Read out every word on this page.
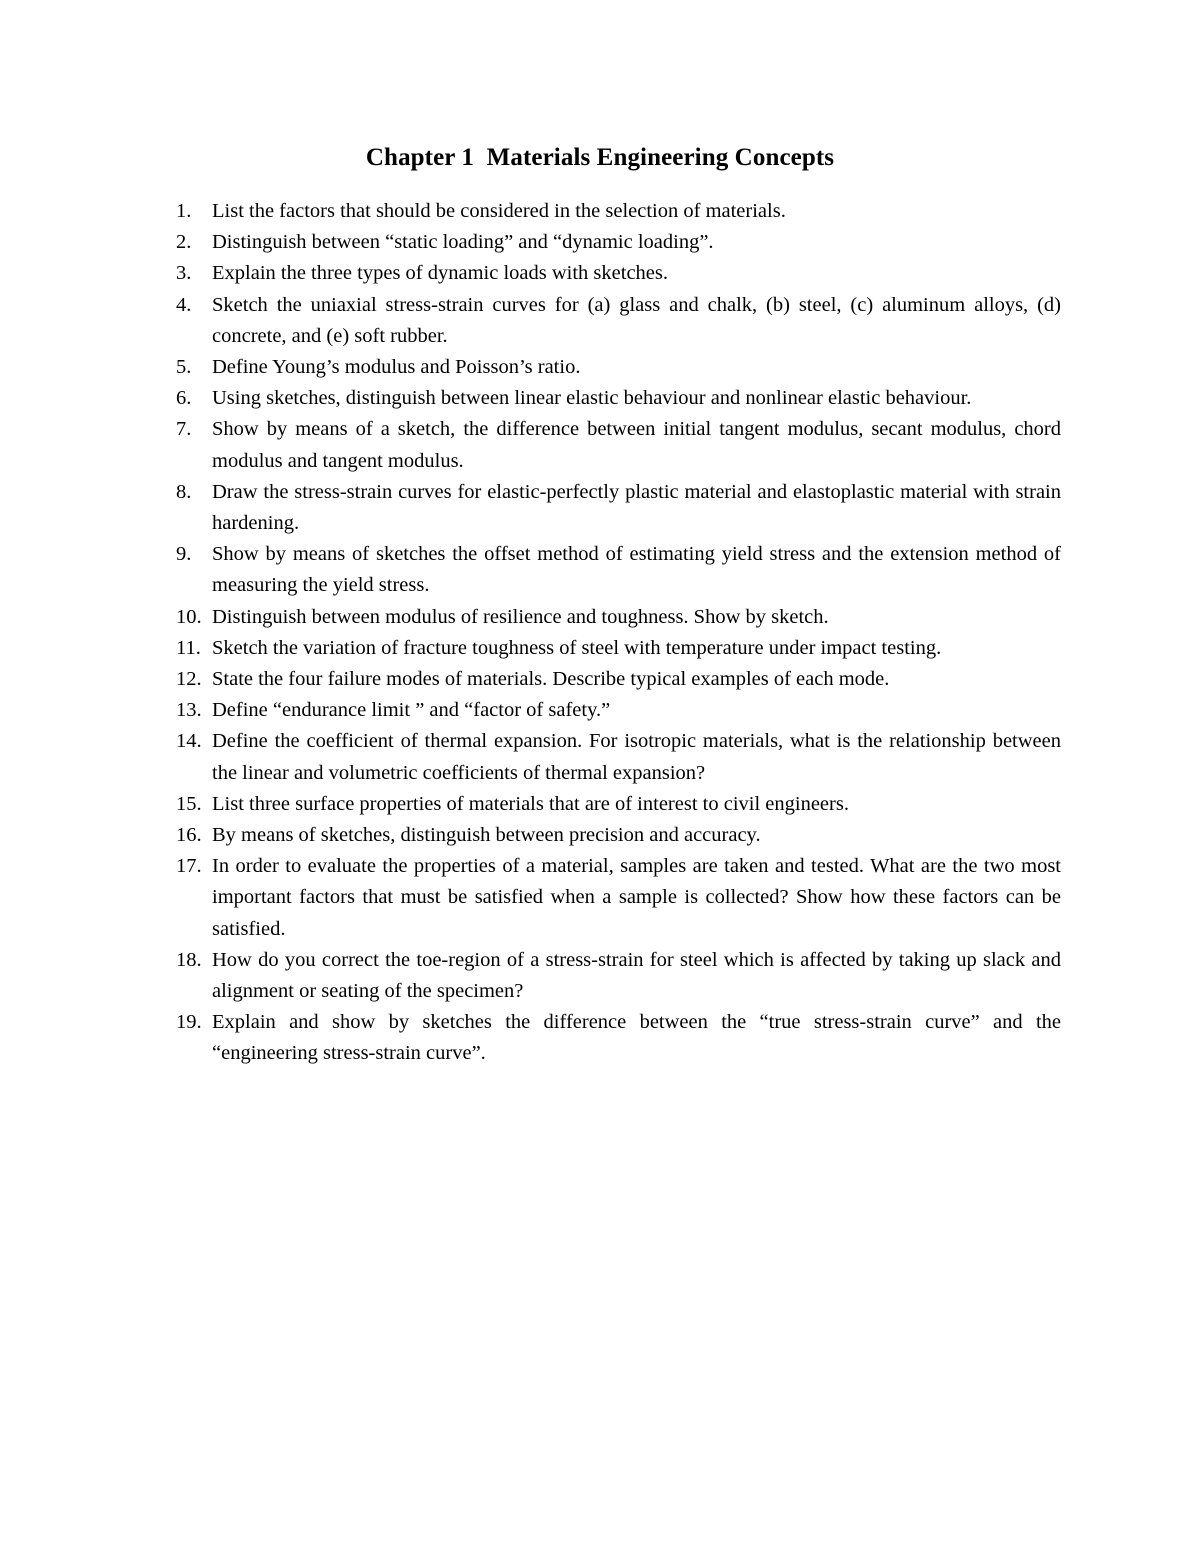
Chapter 1  Materials Engineering Concepts
1.	List the factors that should be considered in the selection of materials.
2.	Distinguish between “static loading” and “dynamic loading”.
3.	Explain the three types of dynamic loads with sketches.
4.	Sketch the uniaxial stress-strain curves for (a) glass and chalk, (b) steel, (c) aluminum alloys, (d) concrete, and (e) soft rubber.
5.	Define Young’s modulus and Poisson’s ratio.
6.	Using sketches, distinguish between linear elastic behaviour and nonlinear elastic behaviour.
7.	Show by means of a sketch, the difference between initial tangent modulus, secant modulus, chord modulus and tangent modulus.
8.	Draw the stress-strain curves for elastic-perfectly plastic material and elastoplastic material with strain hardening.
9.	Show by means of sketches the offset method of estimating yield stress and the extension method of measuring the yield stress.
10. Distinguish between modulus of resilience and toughness. Show by sketch.
11. Sketch the variation of fracture toughness of steel with temperature under impact testing.
12. State the four failure modes of materials. Describe typical examples of each mode.
13. Define “endurance limit ” and “factor of safety.”
14. Define the coefficient of thermal expansion. For isotropic materials, what is the relationship between the linear and volumetric coefficients of thermal expansion?
15. List three surface properties of materials that are of interest to civil engineers.
16. By means of sketches, distinguish between precision and accuracy.
17. In order to evaluate the properties of a material, samples are taken and tested. What are the two most important factors that must be satisfied when a sample is collected? Show how these factors can be satisfied.
18. How do you correct the toe-region of a stress-strain for steel which is affected by taking up slack and alignment or seating of the specimen?
19. Explain and show by sketches the difference between the “true stress-strain curve” and the “engineering stress-strain curve”.
